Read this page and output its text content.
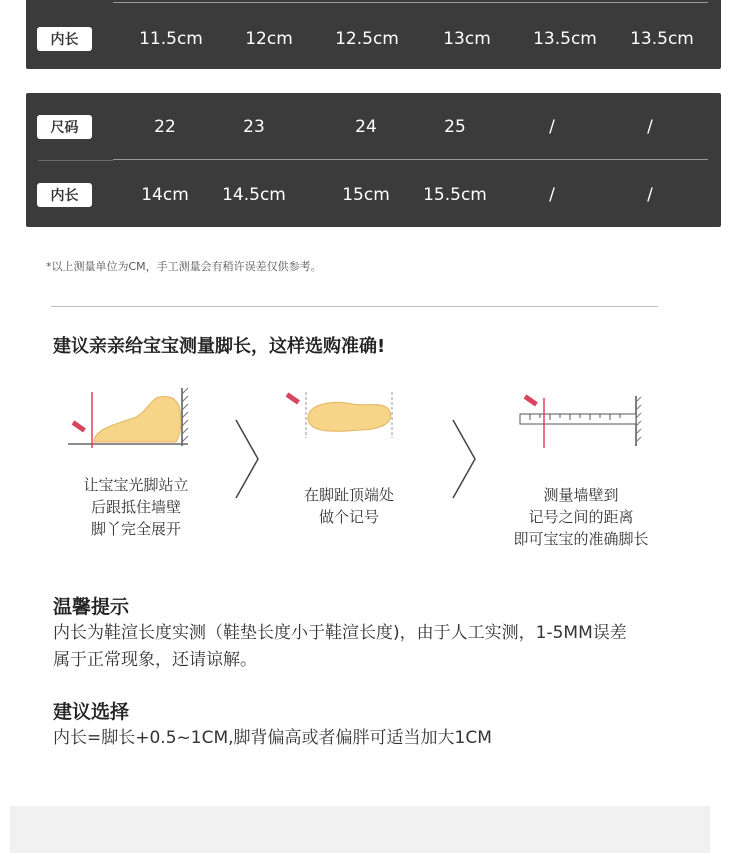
内长	11.5cm	12cm	12.5cm	13cm	13.5cm	13.5cm
尺码	22	23	24	25	/	/
内长	14cm	14.5cm	15cm	15.5cm	/	/
*以上测量单位为CM，手工测量会有稍许误差仅供参考。
建议亲亲给宝宝测量脚长，这样选购准确!
让宝宝光脚站立
后跟抵住墙壁
脚丫完全展开
在脚趾顶端处
做个记号
测量墙壁到
记号之间的距离
即可宝宝的准确脚长
温馨提示
内长为鞋渲长度实测（鞋垫长度小于鞋渲长度)，由于人工实测，1-5MM误差
属于正常现象，还请谅解。
建议选择
内长=脚长+0.5~1CM,脚背偏高或者偏胖可适当加大1CM
